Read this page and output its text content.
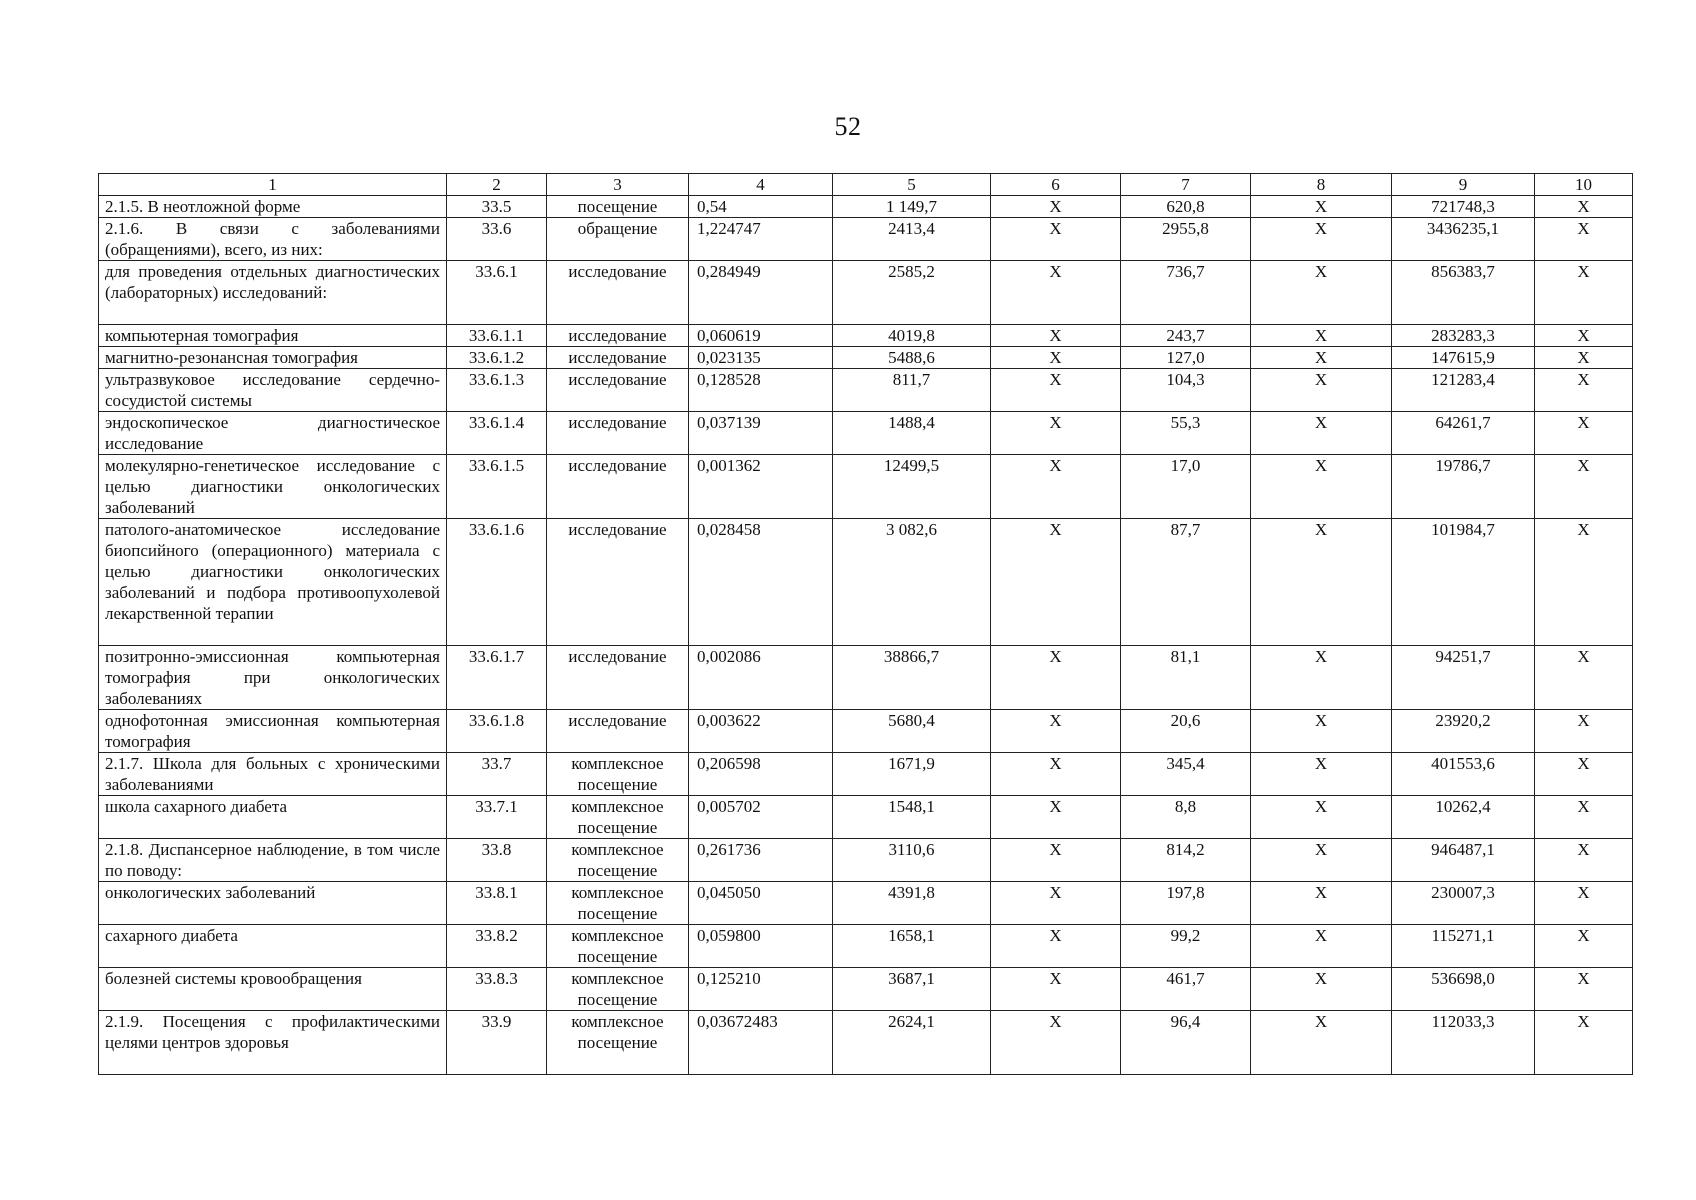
52
1	2	3	4	5	6	7	8	9	10
2.1.5. В неотложной форме	33.5	посещение	0,54	1 149,7	X	620,8	X	721748,3	X
2.1.6. В связи с заболеваниями (обращениями), всего, из них:	33.6	обращение	1,224747	2413,4	X	2955,8	X	3436235,1	X
для проведения отдельных диагностических (лабораторных) исследований:	33.6.1	исследование	0,284949	2585,2	X	736,7	X	856383,7	X
компьютерная томография	33.6.1.1	исследование	0,060619	4019,8	X	243,7	X	283283,3	X
магнитно-резонансная томография	33.6.1.2	исследование	0,023135	5488,6	X	127,0	X	147615,9	X
ультразвуковое исследование сердечно-сосудистой системы	33.6.1.3	исследование	0,128528	811,7	X	104,3	X	121283,4	X
эндоскопическое диагностическое исследование	33.6.1.4	исследование	0,037139	1488,4	X	55,3	X	64261,7	X
молекулярно-генетическое исследование с целью диагностики онкологических заболеваний	33.6.1.5	исследование	0,001362	12499,5	X	17,0	X	19786,7	X
патолого-анатомическое исследование биопсийного (операционного) материала с целью диагностики онкологических заболеваний и подбора противоопухолевой лекарственной терапии	33.6.1.6	исследование	0,028458	3 082,6	X	87,7	X	101984,7	X
позитронно-эмиссионная компьютерная томография при онкологических заболеваниях	33.6.1.7	исследование	0,002086	38866,7	X	81,1	X	94251,7	X
однофотонная эмиссионная компьютерная томография	33.6.1.8	исследование	0,003622	5680,4	X	20,6	X	23920,2	X
2.1.7. Школа для больных с хроническими заболеваниями	33.7	комплексное посещение	0,206598	1671,9	X	345,4	X	401553,6	X
школа сахарного диабета	33.7.1	комплексное посещение	0,005702	1548,1	X	8,8	X	10262,4	X
2.1.8. Диспансерное наблюдение, в том числе по поводу:	33.8	комплексное посещение	0,261736	3110,6	X	814,2	X	946487,1	X
онкологических заболеваний	33.8.1	комплексное посещение	0,045050	4391,8	X	197,8	X	230007,3	X
сахарного диабета	33.8.2	комплексное посещение	0,059800	1658,1	X	99,2	X	115271,1	X
болезней системы кровообращения	33.8.3	комплексное посещение	0,125210	3687,1	X	461,7	X	536698,0	X
2.1.9. Посещения с профилактическими целями центров здоровья	33.9	комплексное посещение	0,03672483	2624,1	X	96,4	X	112033,3	X
